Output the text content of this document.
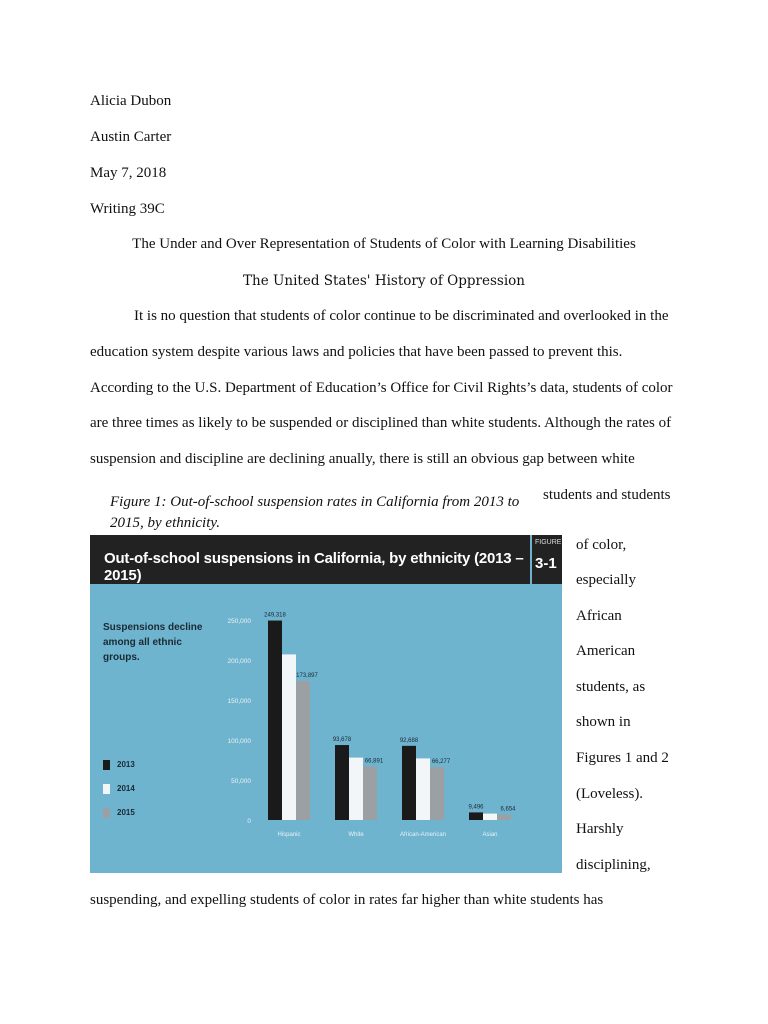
Alicia Dubon
Austin Carter
May 7, 2018
Writing 39C
The Under and Over Representation of Students of Color with Learning Disabilities
The United States' History of Oppression
It is no question that students of color continue to be discriminated and overlooked in the
education system despite various laws and policies that have been passed to prevent this.
According to the U.S. Department of Education’s Office for Civil Rights’s data, students of color
are three times as likely to be suspended or disciplined than white students. Although the rates of
suspension and discipline are declining anually, there is still an obvious gap between white
Figure 1: Out-of-school suspension rates in California from 2013 to 2015, by ethnicity.
students and students
of color,
especially
African
American
students, as
shown in
Figures 1 and 2
(Loveless).
Harshly
disciplining,
suspending, and expelling students of color in rates far higher than white students has
Out-of-school suspensions in California, by ethnicity (2013 – 2015)
FIGURE
3-1
Suspensions decline among all ethnic groups.
2013
2014
2015
0
50,000
100,000
150,000
200,000
250,000
Hispanic	White	African-American	Asian
249,318
93,678	92,688
9,496
173,897
66,891	66,277
6,654
